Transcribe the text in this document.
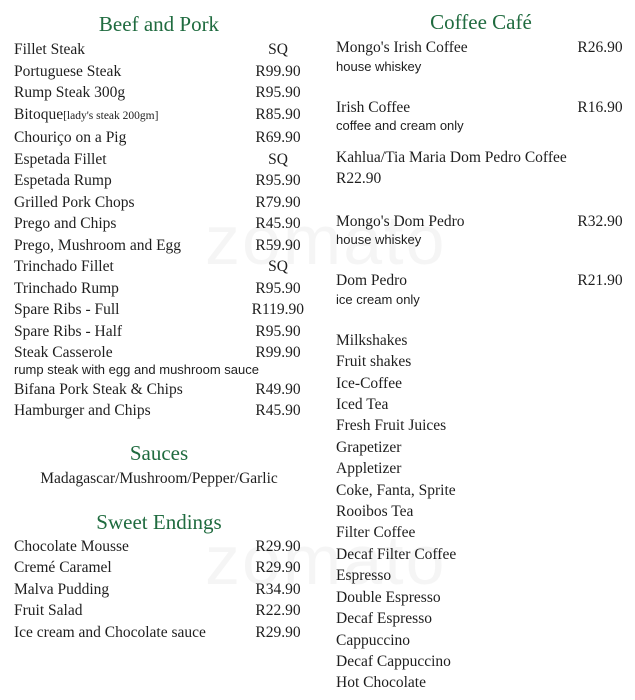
Beef and Pork
Fillet Steak	SQ
Portuguese Steak	R99.90
Rump Steak 300g	R95.90
Bitoque[lady's steak 200gm]	R85.90
Chouriço on a Pig	R69.90
Espetada Fillet	SQ
Espetada Rump	R95.90
Grilled Pork Chops	R79.90
Prego and Chips	R45.90
Prego, Mushroom and Egg	R59.90
Trinchado Fillet	SQ
Trinchado Rump	R95.90
Spare Ribs - Full	R119.90
Spare Ribs - Half	R95.90
Steak Casserole	R99.90
rump steak with egg and mushroom sauce
Bifana Pork Steak & Chips	R49.90
Hamburger and Chips	R45.90
Sauces
Madagascar/Mushroom/Pepper/Garlic
Sweet Endings
Chocolate Mousse	R29.90
Cremé Caramel	R29.90
Malva Pudding	R34.90
Fruit Salad	R22.90
Ice cream and Chocolate sauce	R29.90
Coffee Café
Mongo's Irish Coffee	R26.90
house whiskey
Irish Coffee	R16.90
coffee and cream only
Kahlua/Tia Maria Dom Pedro Coffee
R22.90
Mongo's Dom Pedro	R32.90
house whiskey
Dom Pedro	R21.90
ice cream only
Milkshakes
Fruit shakes
Ice-Coffee
Iced Tea
Fresh Fruit Juices
Grapetizer
Appletizer
Coke, Fanta, Sprite
Rooibos Tea
Filter Coffee
Decaf Filter Coffee
Espresso
Double Espresso
Decaf Espresso
Cappuccino
Decaf Cappuccino
Hot Chocolate
